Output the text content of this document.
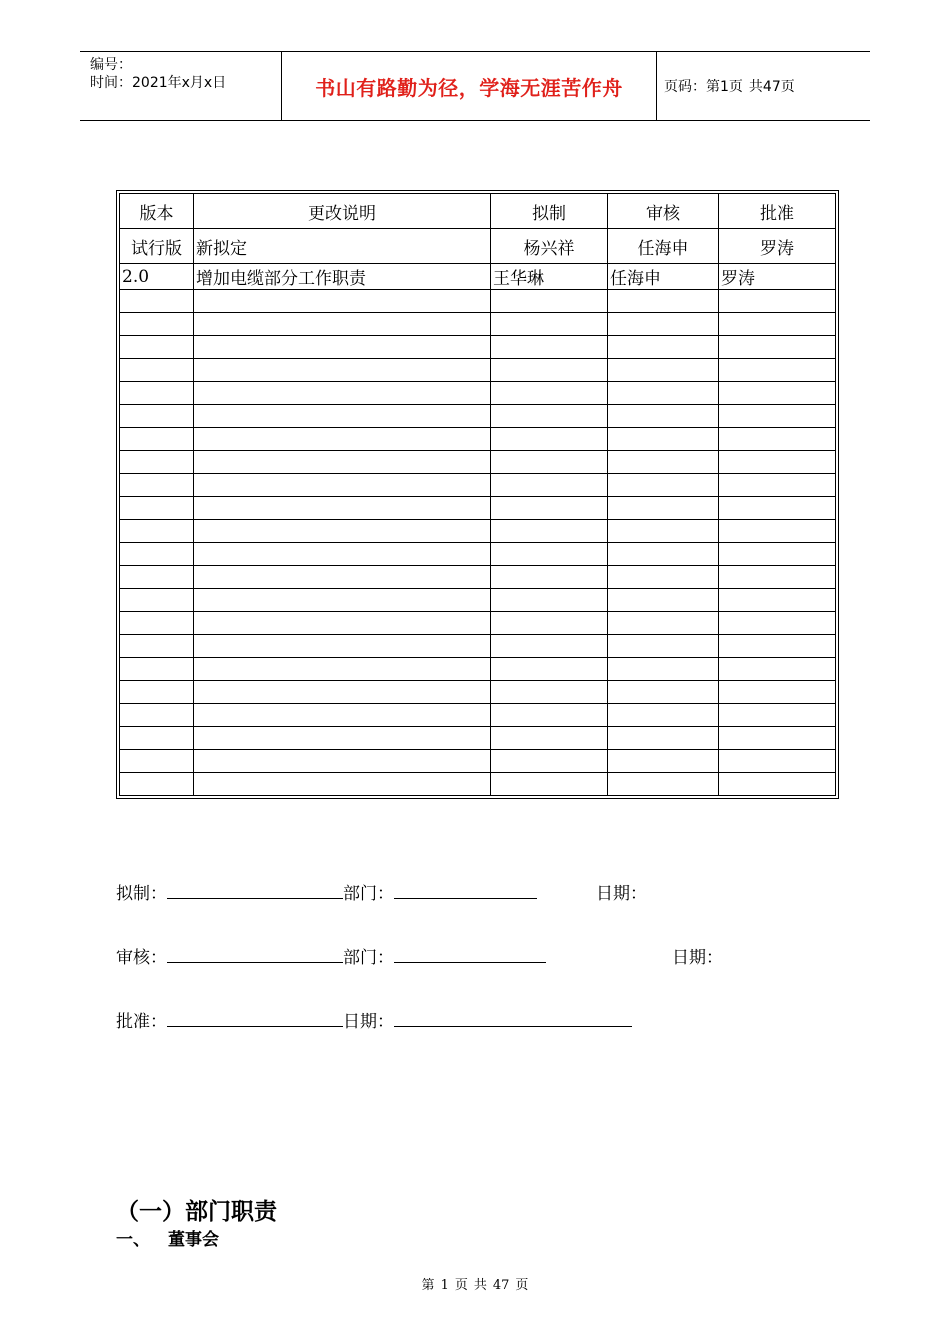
编号：
时间：2021年x月x日	书山有路勤为径，学海无涯苦作舟	页码：第1页 共47页
版本	更改说明	拟制	审核	批准
试行版	新拟定	杨兴祥	任海申	罗涛
2.0	增加电缆部分工作职责	王华琳	任海申	罗涛

拟制：	部门：	日期：
审核：	部门：	日期：
批准：	日期：
（一）部门职责
一、 董事会
第 1 页 共 47 页
